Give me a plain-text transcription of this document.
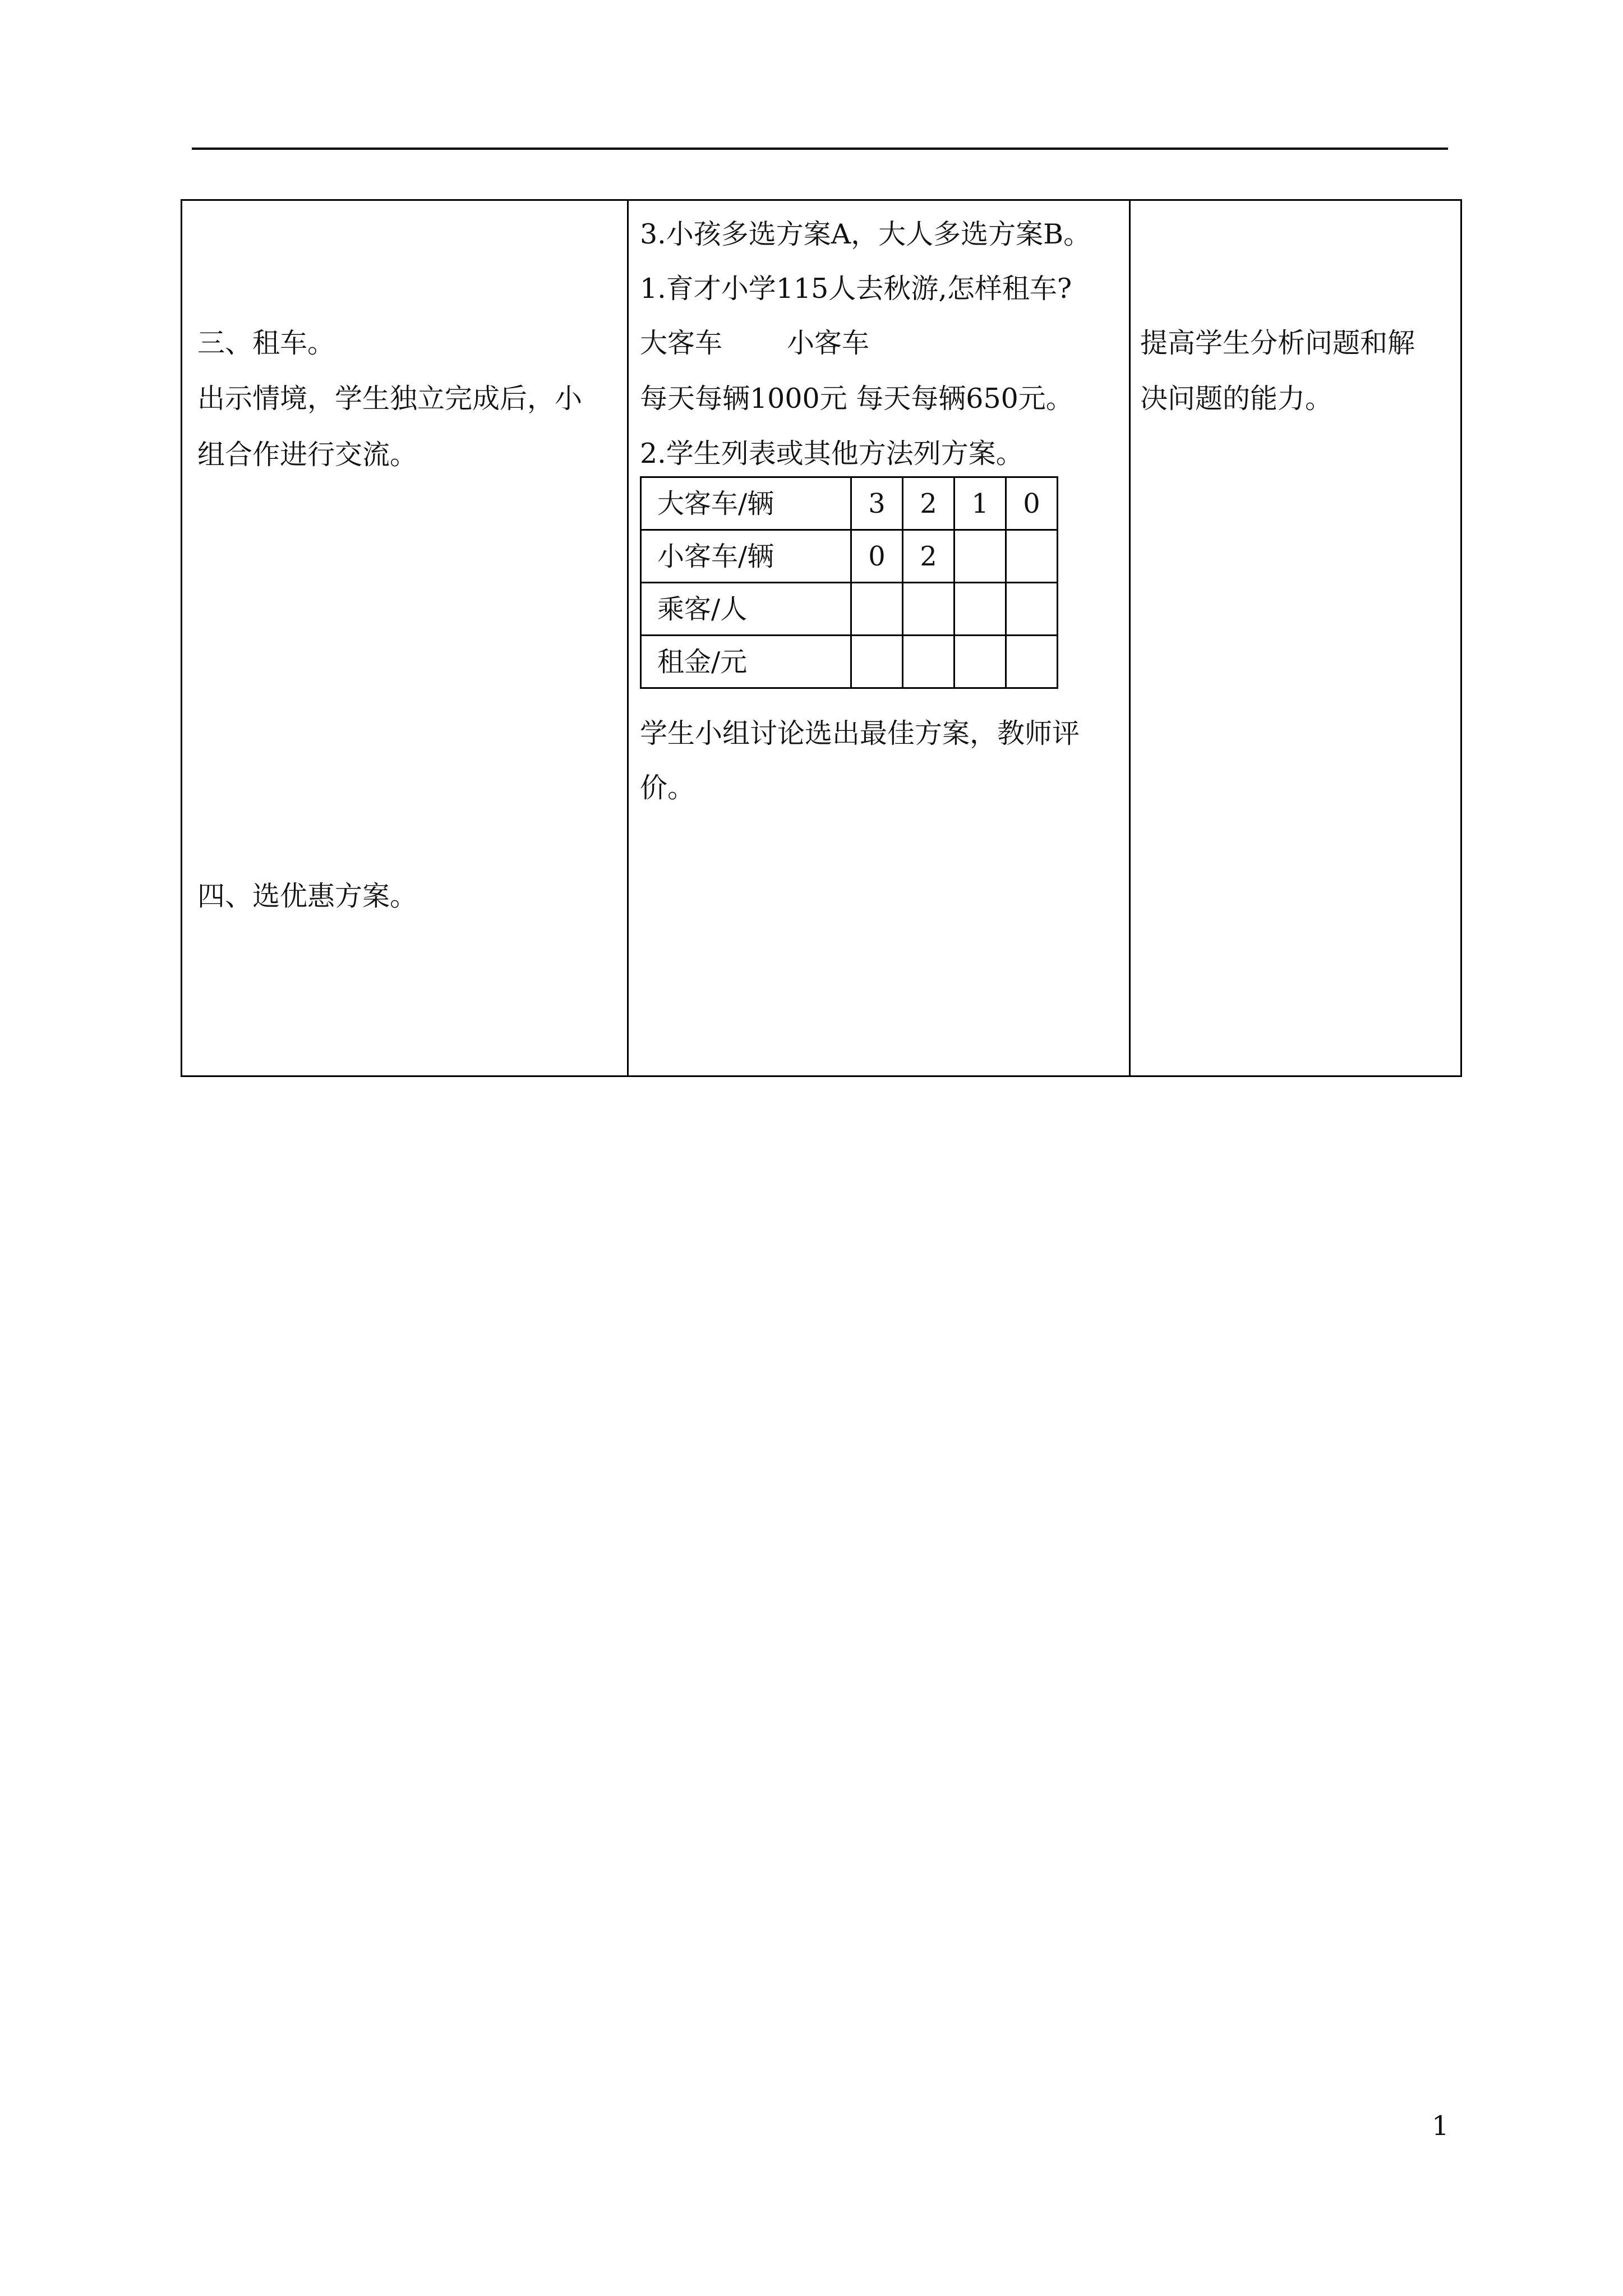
三、租车。
出示情境，学生独立完成后，小
组合作进行交流。
四、选优惠方案。
3.小孩多选方案A，大人多选方案B。
1.育才小学115人去秋游,怎样租车?
大客车 小客车
每天每辆1000元 每天每辆650元。
2.学生列表或其他方法列方案。
大客车/辆	3	2	1	0
小客车/辆	0	2		
乘客/人				
租金/元				
学生小组讨论选出最佳方案，教师评
价。
提高学生分析问题和解
决问题的能力。
1
